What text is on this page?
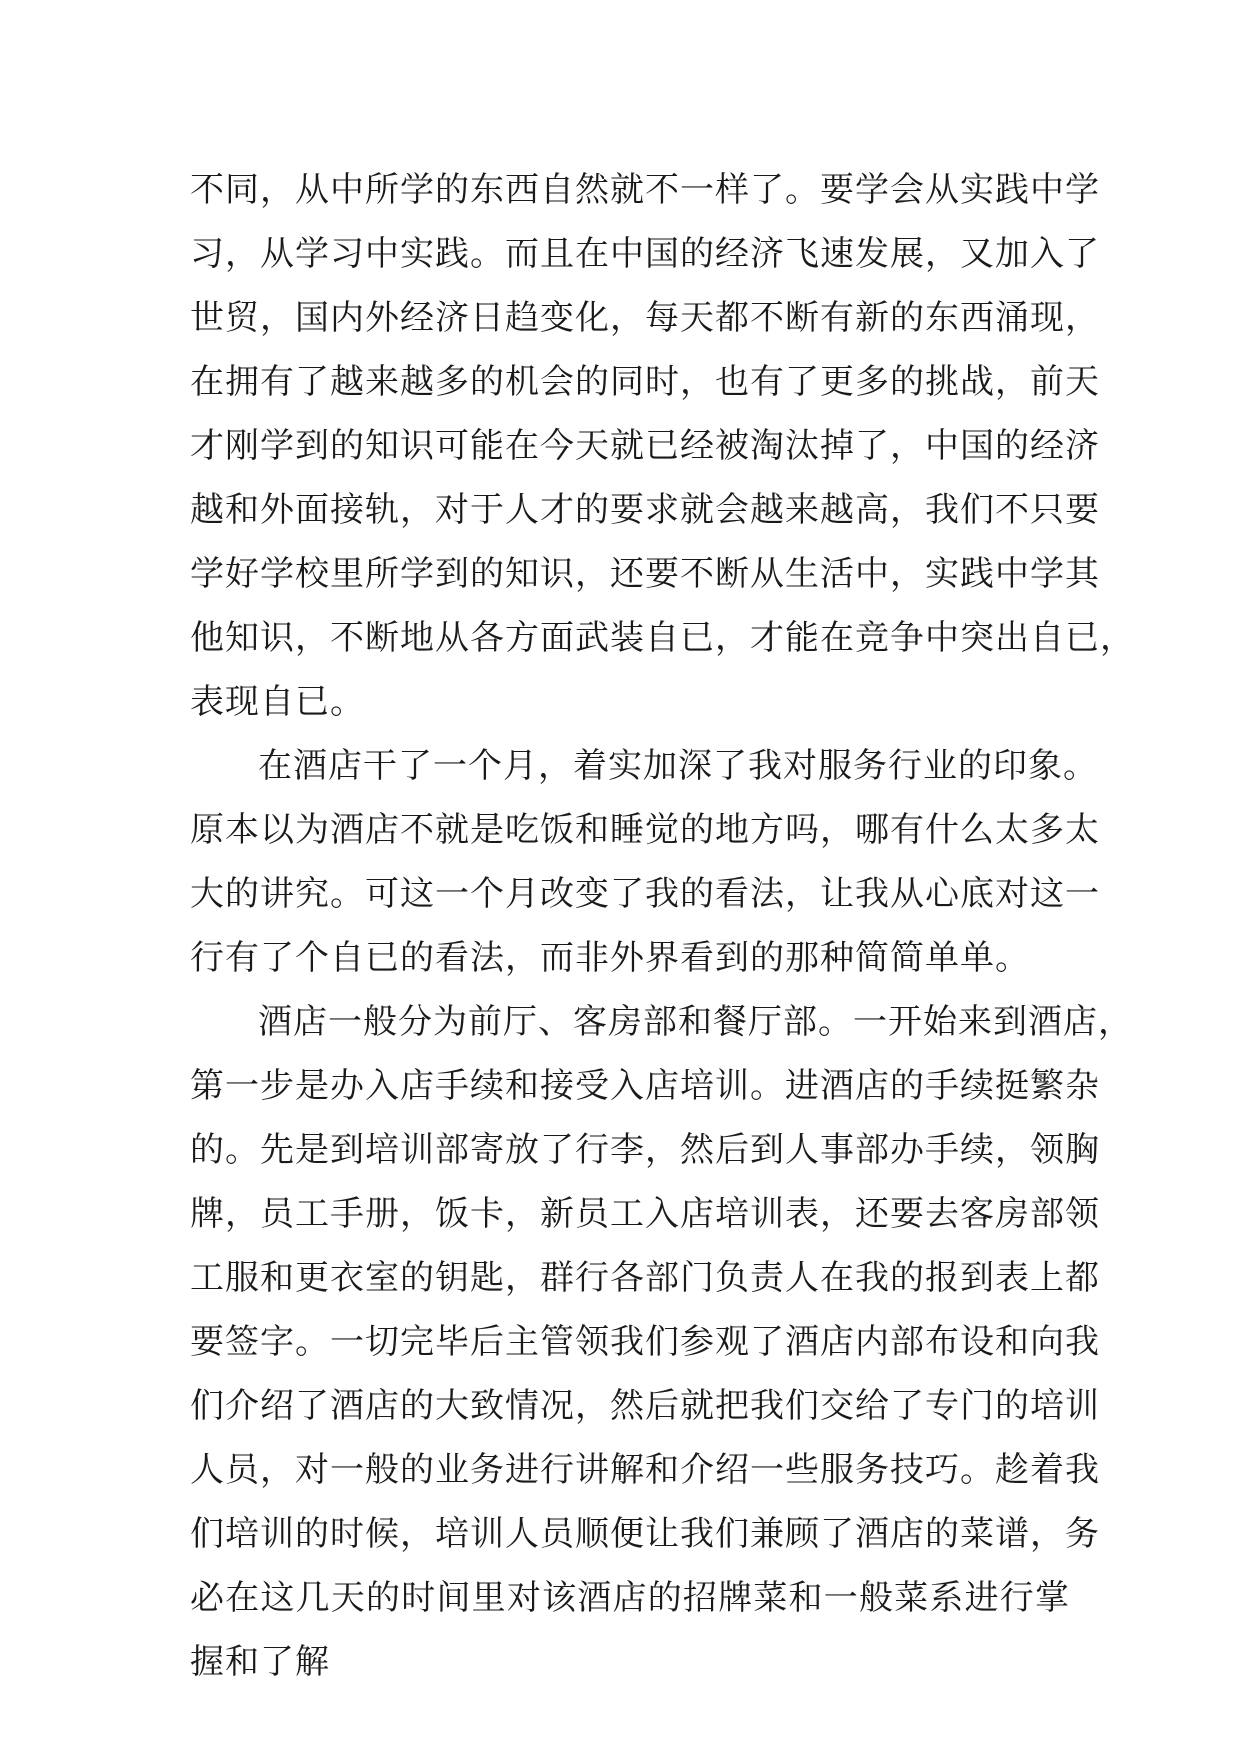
不同，从中所学的东西自然就不一样了。要学会从实践中学
习，从学习中实践。而且在中国的经济飞速发展，又加入了
世贸，国内外经济日趋变化，每天都不断有新的东西涌现，
在拥有了越来越多的机会的同时，也有了更多的挑战，前天
才刚学到的知识可能在今天就已经被淘汰掉了，中国的经济
越和外面接轨，对于人才的要求就会越来越高，我们不只要
学好学校里所学到的知识，还要不断从生活中，实践中学其
他知识，不断地从各方面武装自已，才能在竞争中突出自已，
表现自已。
在酒店干了一个月，着实加深了我对服务行业的印象。
原本以为酒店不就是吃饭和睡觉的地方吗，哪有什么太多太
大的讲究。可这一个月改变了我的看法，让我从心底对这一
行有了个自已的看法，而非外界看到的那种简简单单。
酒店一般分为前厅、客房部和餐厅部。一开始来到酒店，
第一步是办入店手续和接受入店培训。进酒店的手续挺繁杂
的。先是到培训部寄放了行李，然后到人事部办手续，领胸
牌，员工手册，饭卡，新员工入店培训表，还要去客房部领
工服和更衣室的钥匙，群行各部门负责人在我的报到表上都
要签字。一切完毕后主管领我们参观了酒店内部布设和向我
们介绍了酒店的大致情况，然后就把我们交给了专门的培训
人员，对一般的业务进行讲解和介绍一些服务技巧。趁着我
们培训的时候，培训人员顺便让我们兼顾了酒店的菜谱，务
必在这几天的时间里对该酒店的招牌菜和一般菜系进行掌
握和了解
